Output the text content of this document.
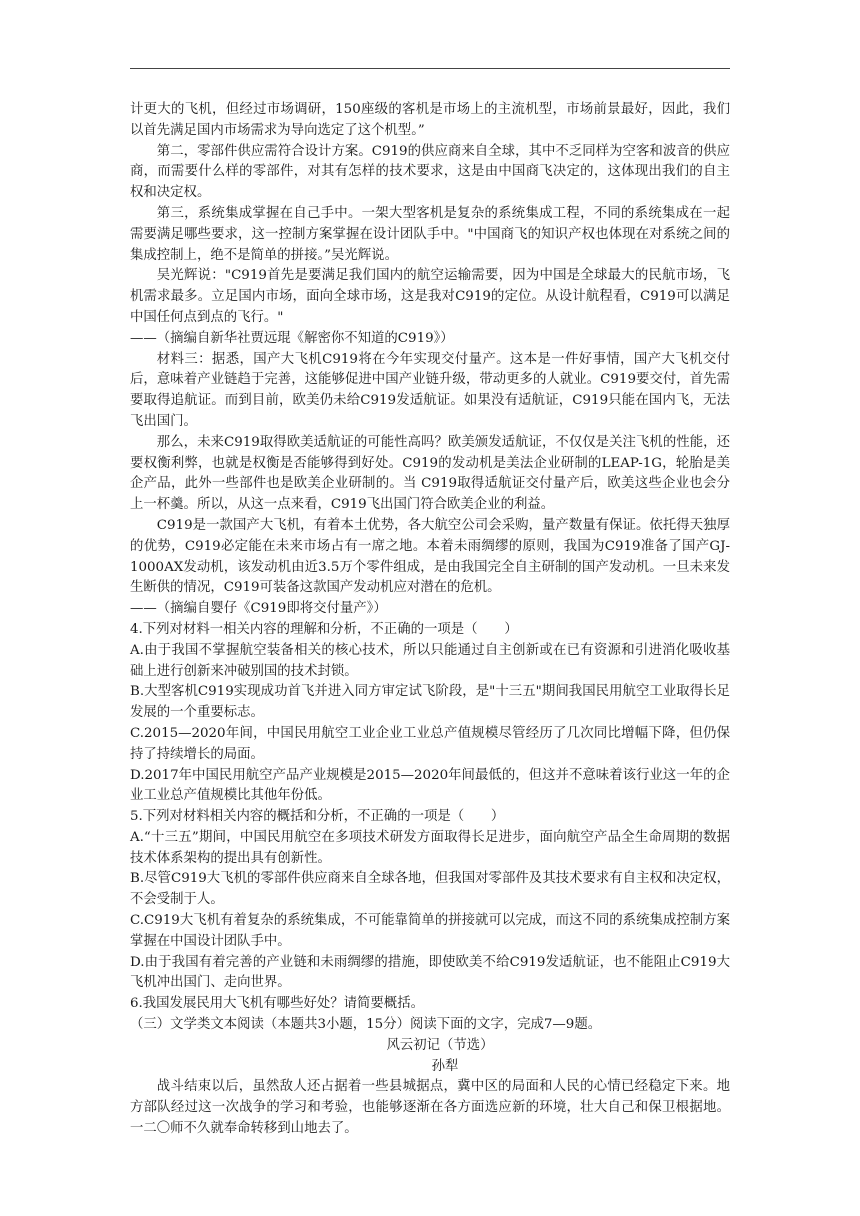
计更大的飞机，但经过市场调研，150座级的客机是市场上的主流机型，市场前景最好，因此，我们以首先满足国内市场需求为导向选定了这个机型。”

第二，零部件供应需符合设计方案。C919的供应商来自全球，其中不乏同样为空客和波音的供应商，而需要什么样的零部件，对其有怎样的技术要求，这是由中国商飞决定的，这体现出我们的自主权和决定权。

第三，系统集成掌握在自己手中。一架大型客机是复杂的系统集成工程，不同的系统集成在一起需要满足哪些要求，这一控制方案掌握在设计团队手中。"中国商飞的知识产权也体现在对系统之间的集成控制上，绝不是简单的拼接。”吴光辉说。

吴光辉说："C919首先是要满足我们国内的航空运输需要，因为中国是全球最大的民航市场，飞机需求最多。立足国内市场，面向全球市场，这是我对C919的定位。从设计航程看，C919可以满足中国任何点到点的飞行。"

——（摘编自新华社贾远琨《解密你不知道的C919》）

材料三：据悉，国产大飞机C919将在今年实现交付量产。这本是一件好事情，国产大飞机交付后，意味着产业链趋于完善，这能够促进中国产业链升级，带动更多的人就业。C919要交付，首先需要取得追航证。而到目前，欧美仍未给C919发适航证。如果没有适航证，C919只能在国内飞，无法飞出国门。

那么，未来C919取得欧美适航证的可能性高吗？欧美颁发适航证，不仅仅是关注飞机的性能，还要权衡利弊，也就是权衡是否能够得到好处。C919的发动机是美法企业研制的LEAP-1G，轮胎是美企产品，此外一些部件也是欧美企业研制的。当 C919取得适航证交付量产后，欧美这些企业也会分上一杯羹。所以，从这一点来看，C919飞出国门符合欧美企业的利益。

C919是一款国产大飞机，有着本土优势，各大航空公司会采购，量产数量有保证。依托得天独厚的优势，C919必定能在未来市场占有一席之地。本着未雨绸缪的原则，我国为C919准备了国产GJ-1000AX发动机，该发动机由近3.5万个零件组成，是由我国完全自主研制的国产发动机。一旦未来发生断供的情况，C919可装备这款国产发动机应对潜在的危机。

——（摘编自婴仔《C919即将交付量产》）

4.下列对材料一相关内容的理解和分析，不正确的一项是（　　）

A.由于我国不掌握航空装备相关的核心技术，所以只能通过自主创新或在已有资源和引进消化吸收基础上进行创新来冲破别国的技术封锁。

B.大型客机C919实现成功首飞并进入同方审定试飞阶段，是"十三五"期间我国民用航空工业取得长足发展的一个重要标志。

C.2015—2020年间，中国民用航空工业企业工业总产值规模尽管经历了几次同比增幅下降，但仍保持了持续增长的局面。

D.2017年中国民用航空产品产业规模是2015—2020年间最低的，但这并不意味着该行业这一年的企业工业总产值规模比其他年份低。

5.下列对材料相关内容的概括和分析，不正确的一项是（　　）

A.“十三五”期间，中国民用航空在多项技术研发方面取得长足进步，面向航空产品全生命周期的数据技术体系架构的提出具有创新性。

B.尽管C919大飞机的零部件供应商来自全球各地，但我国对零部件及其技术要求有自主权和决定权，不会受制于人。

C.C919大飞机有着复杂的系统集成，不可能靠简单的拼接就可以完成，而这不同的系统集成控制方案掌握在中国设计团队手中。

D.由于我国有着完善的产业链和未雨绸缪的措施，即使欧美不给C919发适航证，也不能阻止C919大飞机冲出国门、走向世界。

6.我国发展民用大飞机有哪些好处？请简要概括。

（三）文学类文本阅读（本题共3小题，15分）阅读下面的文字，完成7—9题。

风云初记（节选）

孙犁

战斗结束以后，虽然敌人还占据着一些县城据点，冀中区的局面和人民的心情已经稳定下来。地方部队经过这一次战争的学习和考验，也能够逐渐在各方面选应新的环境，壮大自己和保卫根据地。一二〇师不久就奉命转移到山地去了。
